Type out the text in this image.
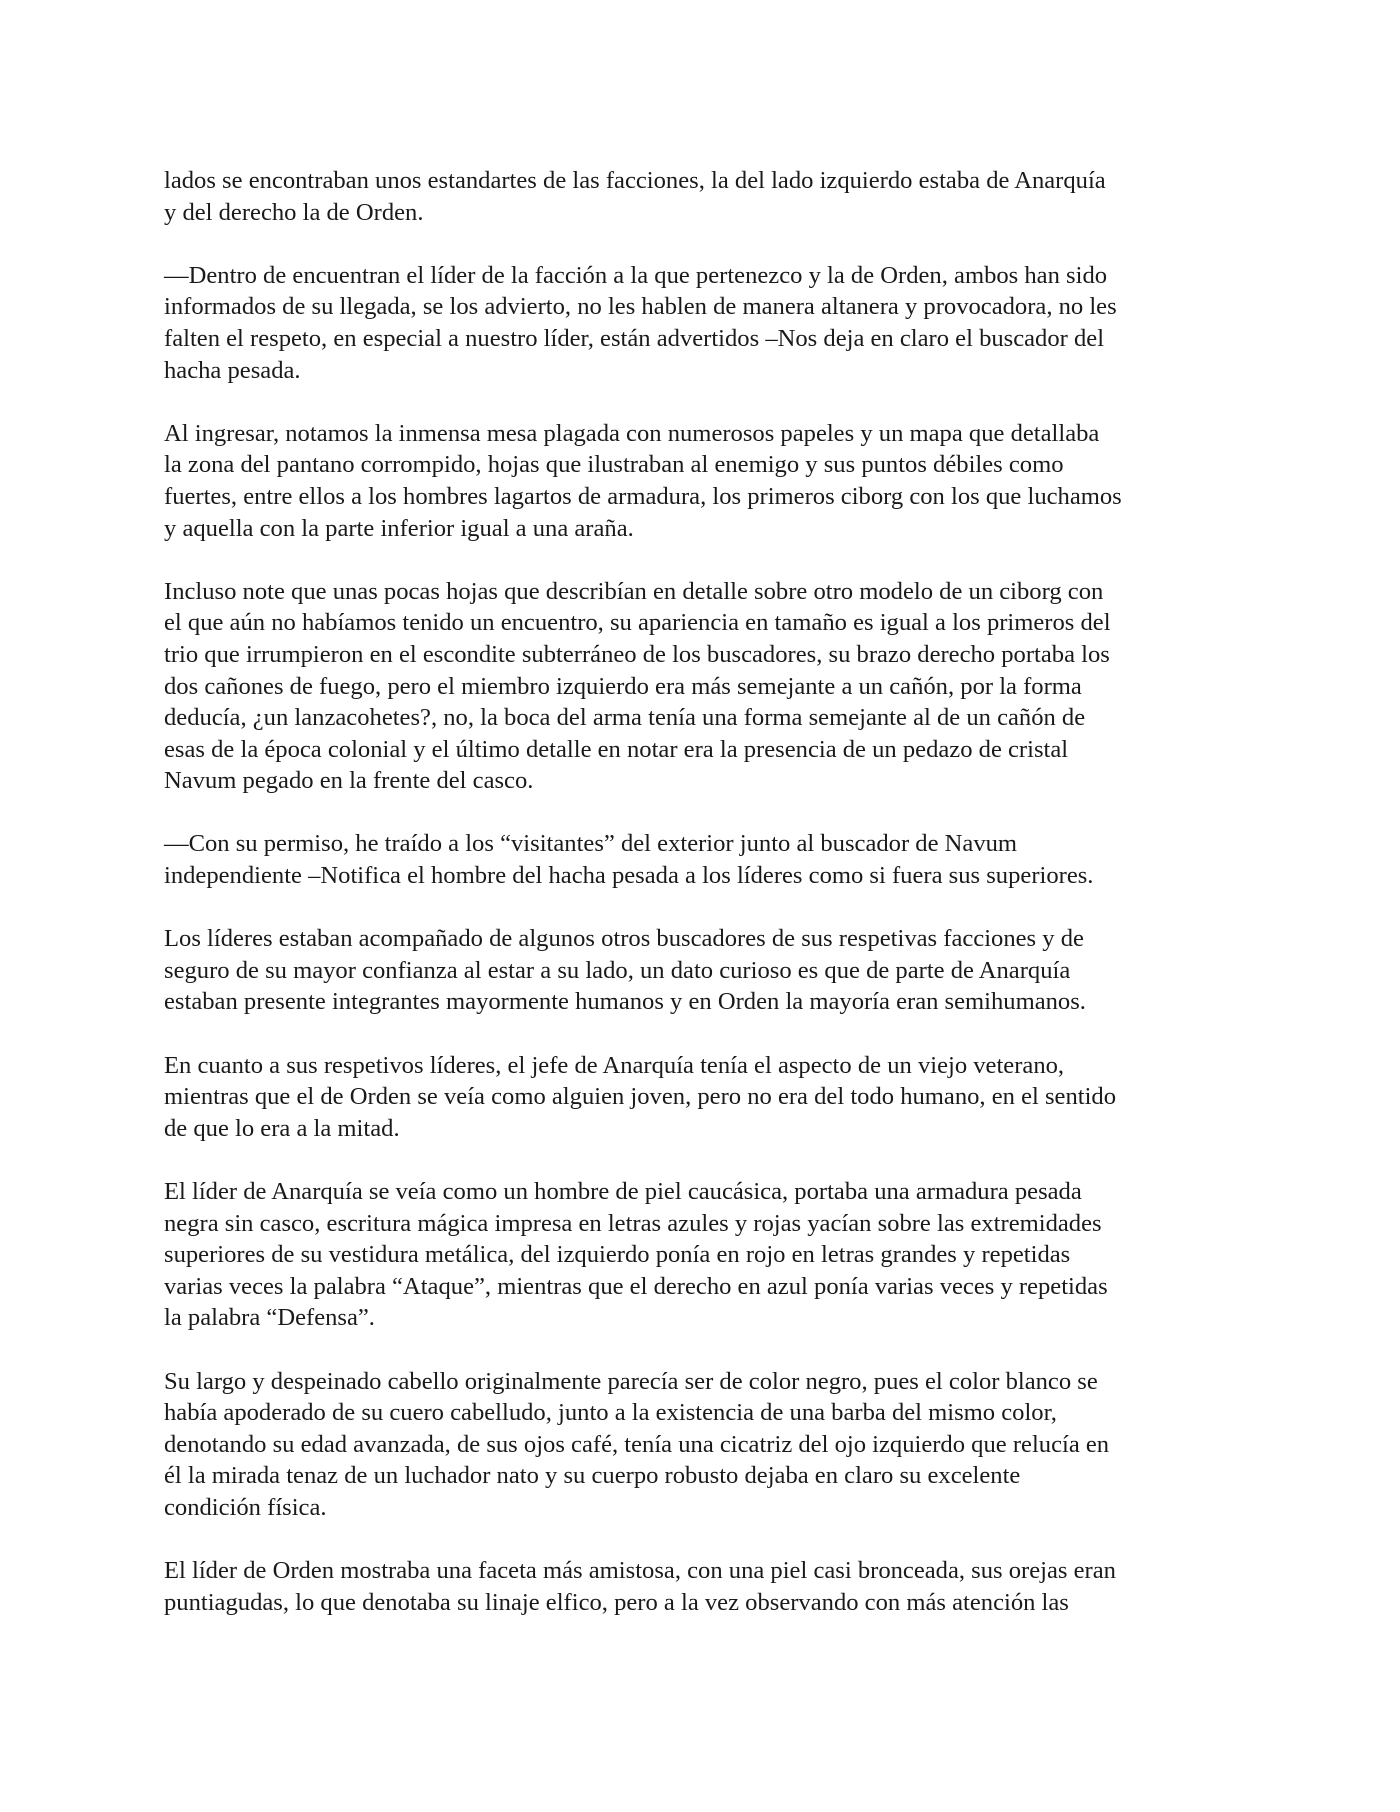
lados se encontraban unos estandartes de las facciones, la del lado izquierdo estaba de Anarquía
y del derecho la de Orden.

—Dentro de encuentran el líder de la facción a la que pertenezco y la de Orden, ambos han sido
informados de su llegada, se los advierto, no les hablen de manera altanera y provocadora, no les
falten el respeto, en especial a nuestro líder, están advertidos –Nos deja en claro el buscador del
hacha pesada.

Al ingresar, notamos la inmensa mesa plagada con numerosos papeles y un mapa que detallaba
la zona del pantano corrompido, hojas que ilustraban al enemigo y sus puntos débiles como
fuertes, entre ellos a los hombres lagartos de armadura, los primeros ciborg con los que luchamos
y aquella con la parte inferior igual a una araña.

Incluso note que unas pocas hojas que describían en detalle sobre otro modelo de un ciborg con
el que aún no habíamos tenido un encuentro, su apariencia en tamaño es igual a los primeros del
trio que irrumpieron en el escondite subterráneo de los buscadores, su brazo derecho portaba los
dos cañones de fuego, pero el miembro izquierdo era más semejante a un cañón, por la forma
deducía, ¿un lanzacohetes?, no, la boca del arma tenía una forma semejante al de un cañón de
esas de la época colonial y el último detalle en notar era la presencia de un pedazo de cristal
Navum pegado en la frente del casco.

—Con su permiso, he traído a los “visitantes” del exterior junto al buscador de Navum
independiente –Notifica el hombre del hacha pesada a los líderes como si fuera sus superiores.

Los líderes estaban acompañado de algunos otros buscadores de sus respetivas facciones y de
seguro de su mayor confianza al estar a su lado, un dato curioso es que de parte de Anarquía
estaban presente integrantes mayormente humanos y en Orden la mayoría eran semihumanos.

En cuanto a sus respetivos líderes, el jefe de Anarquía tenía el aspecto de un viejo veterano,
mientras que el de Orden se veía como alguien joven, pero no era del todo humano, en el sentido
de que lo era a la mitad.

El líder de Anarquía se veía como un hombre de piel caucásica, portaba una armadura pesada
negra sin casco, escritura mágica impresa en letras azules y rojas yacían sobre las extremidades
superiores de su vestidura metálica, del izquierdo ponía en rojo en letras grandes y repetidas
varias veces la palabra “Ataque”, mientras que el derecho en azul ponía varias veces y repetidas
la palabra “Defensa”.

Su largo y despeinado cabello originalmente parecía ser de color negro, pues el color blanco se
había apoderado de su cuero cabelludo, junto a la existencia de una barba del mismo color,
denotando su edad avanzada, de sus ojos café, tenía una cicatriz del ojo izquierdo que relucía en
él la mirada tenaz de un luchador nato y su cuerpo robusto dejaba en claro su excelente
condición física.

El líder de Orden mostraba una faceta más amistosa, con una piel casi bronceada, sus orejas eran
puntiagudas, lo que denotaba su linaje elfico, pero a la vez observando con más atención las
